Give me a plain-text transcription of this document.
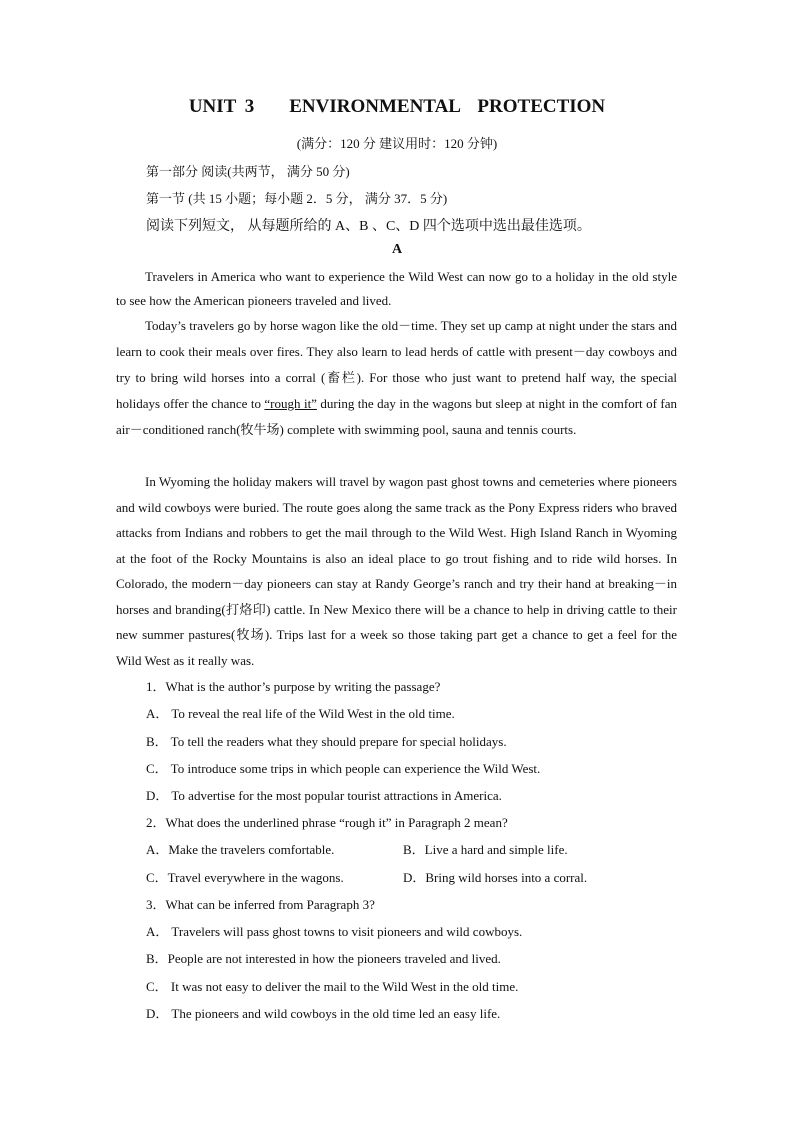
UNIT 3    ENVIRONMENTAL  PROTECTION
(满分：120 分 建议用时：120 分钟)
第一部分 阅读(共两节， 满分 50 分)
第一节 (共 15 小题；每小题 2．5 分， 满分 37．5 分)
阅读下列短文， 从每题所给的 A、B 、C、D 四个选项中选出最佳选项。
A

Travelers in America who want to experience the Wild West can now go to a holiday in the old style to see how the American pioneers traveled and lived.

Today’s travelers go by horse wagon like the old－time. They set up camp at night under the stars and learn to cook their meals over fires. They also learn to lead herds of cattle with present－day cowboys and try to bring wild horses into a corral (畜栏). For those who just want to pretend half way, the special holidays offer the chance to “rough it” during the day in the wagons but sleep at night in the comfort of fan air－conditioned ranch(牧牛场) complete with swimming pool, sauna and tennis courts.

In Wyoming the holiday makers will travel by wagon past ghost towns and cemeteries where pioneers and wild cowboys were buried. The route goes along the same track as the Pony Express riders who braved attacks from Indians and robbers to get the mail through to the Wild West. High Island Ranch in Wyoming at the foot of the Rocky Mountains is also an ideal place to go trout fishing and to ride wild horses. In Colorado, the modern－day pioneers can stay at Randy George’s ranch and try their hand at breaking－in horses and branding(打烙印) cattle. In New Mexico there will be a chance to help in driving cattle to their new summer pastures(牧场). Trips last for a week so those taking part get a chance to get a feel for the Wild West as it really was.

1．What is the author’s purpose by writing the passage?
A． To reveal the real life of the Wild West in the old time.
B． To tell the readers what they should prepare for special holidays.
C． To introduce some trips in which people can experience the Wild West.
D． To advertise for the most popular tourist attractions in America.
2．What does the underlined phrase “rough it” in Paragraph 2 mean?
A．Make the travelers comfortable.	B．Live a hard and simple life.
C．Travel everywhere in the wagons.	D．Bring wild horses into a corral.
3．What can be inferred from Paragraph 3?
A． Travelers will pass ghost towns to visit pioneers and wild cowboys.
B．People are not interested in how the pioneers traveled and lived.
C． It was not easy to deliver the mail to the Wild West in the old time.
D． The pioneers and wild cowboys in the old time led an easy life.
